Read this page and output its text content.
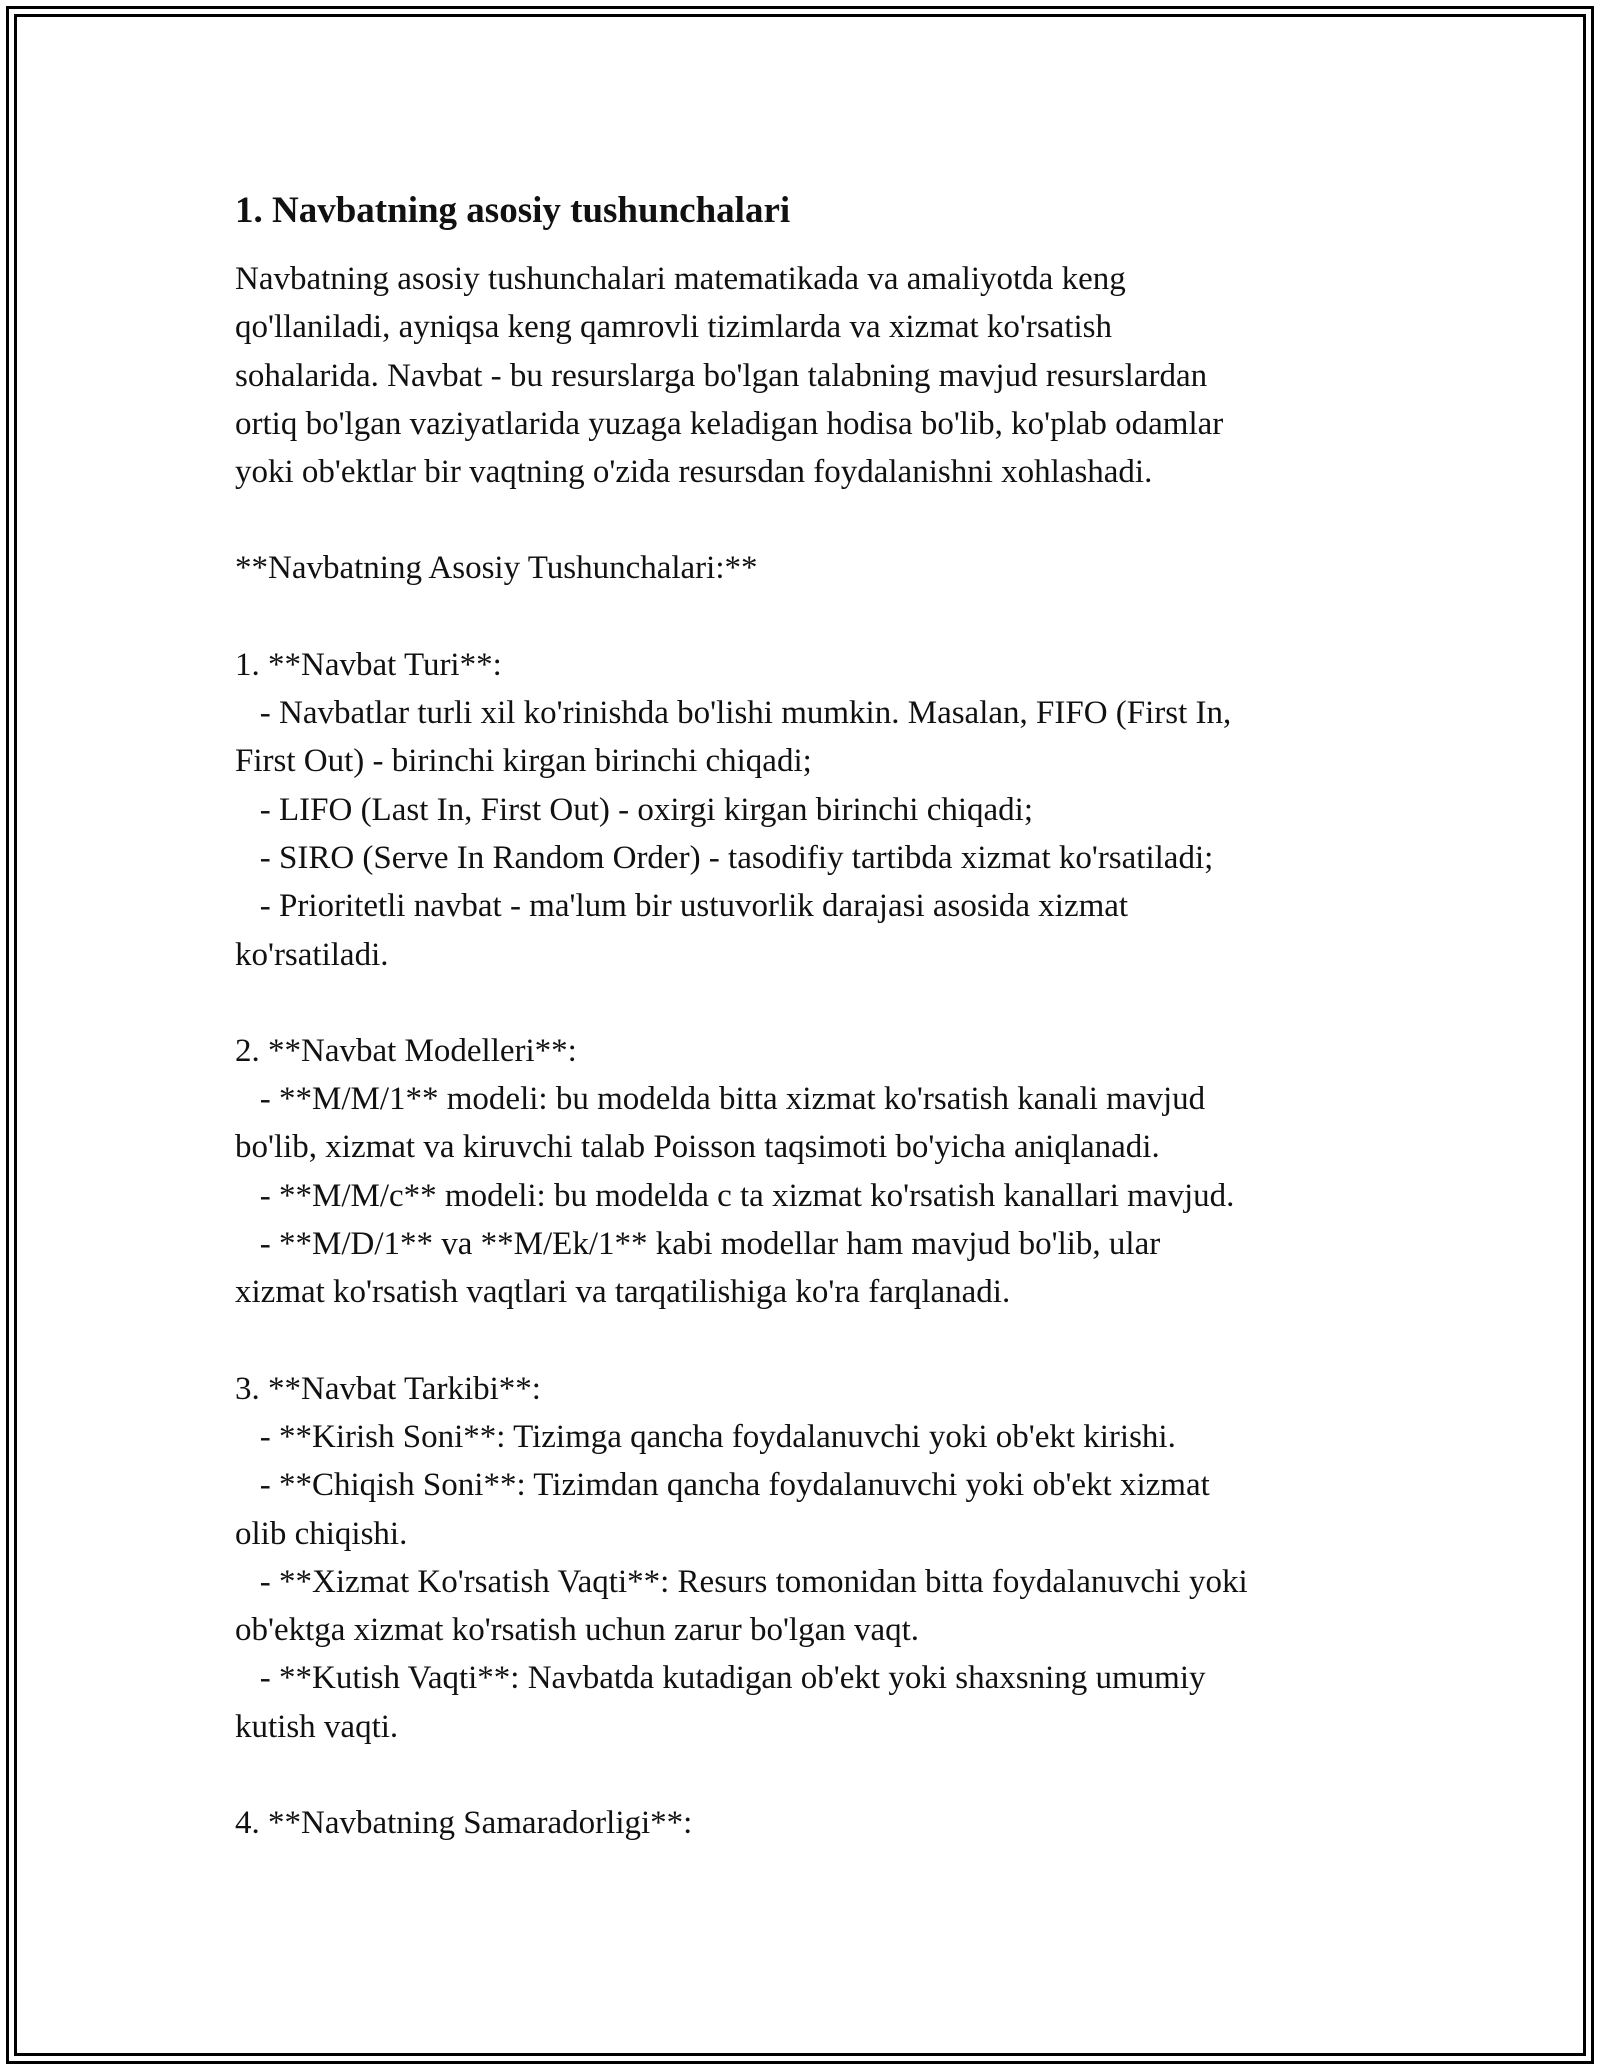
1. Navbatning asosiy tushunchalari
Navbatning asosiy tushunchalari matematikada va amaliyotda keng
qo'llaniladi, ayniqsa keng qamrovli tizimlarda va xizmat ko'rsatish
sohalarida. Navbat - bu resurslarga bo'lgan talabning mavjud resurslardan
ortiq bo'lgan vaziyatlarida yuzaga keladigan hodisa bo'lib, ko'plab odamlar
yoki ob'ektlar bir vaqtning o'zida resursdan foydalanishni xohlashadi.
**Navbatning Asosiy Tushunchalari:**
1. **Navbat Turi**:
- Navbatlar turli xil ko'rinishda bo'lishi mumkin. Masalan, FIFO (First In,
First Out) - birinchi kirgan birinchi chiqadi;
- LIFO (Last In, First Out) - oxirgi kirgan birinchi chiqadi;
- SIRO (Serve In Random Order) - tasodifiy tartibda xizmat ko'rsatiladi;
- Prioritetli navbat - ma'lum bir ustuvorlik darajasi asosida xizmat
ko'rsatiladi.
2. **Navbat Modelleri**:
- **M/M/1** modeli: bu modelda bitta xizmat ko'rsatish kanali mavjud
bo'lib, xizmat va kiruvchi talab Poisson taqsimoti bo'yicha aniqlanadi.
- **M/M/c** modeli: bu modelda c ta xizmat ko'rsatish kanallari mavjud.
- **M/D/1** va **M/Ek/1** kabi modellar ham mavjud bo'lib, ular
xizmat ko'rsatish vaqtlari va tarqatilishiga ko'ra farqlanadi.
3. **Navbat Tarkibi**:
- **Kirish Soni**: Tizimga qancha foydalanuvchi yoki ob'ekt kirishi.
- **Chiqish Soni**: Tizimdan qancha foydalanuvchi yoki ob'ekt xizmat
olib chiqishi.
- **Xizmat Ko'rsatish Vaqti**: Resurs tomonidan bitta foydalanuvchi yoki
ob'ektga xizmat ko'rsatish uchun zarur bo'lgan vaqt.
- **Kutish Vaqti**: Navbatda kutadigan ob'ekt yoki shaxsning umumiy
kutish vaqti.
4. **Navbatning Samaradorligi**:
